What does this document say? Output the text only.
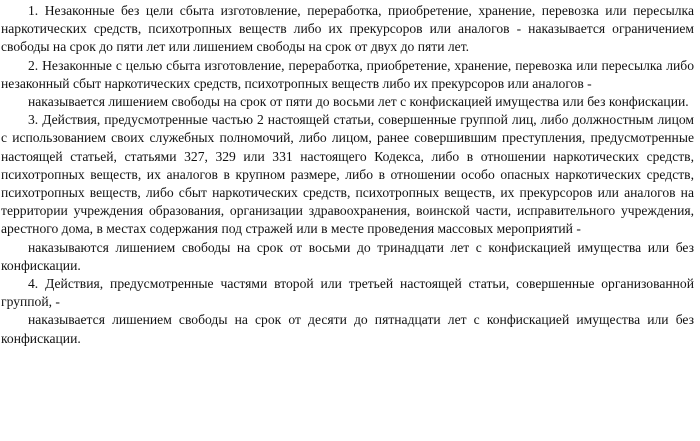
1. Незаконные без цели сбыта изготовление, переработка, приобретение, хранение, перевозка или пересылка наркотических средств, психотропных веществ либо их прекурсоров или аналогов - наказывается ограничением свободы на срок до пяти лет или лишением свободы на срок от двух до пяти лет.

2. Незаконные с целью сбыта изготовление, переработка, приобретение, хранение, перевозка или пересылка либо незаконный сбыт наркотических средств, психотропных веществ либо их прекурсоров или аналогов -

наказывается лишением свободы на срок от пяти до восьми лет с конфискацией имущества или без конфискации.

3. Действия, предусмотренные частью 2 настоящей статьи, совершенные группой лиц, либо должностным лицом с использованием своих служебных полномочий, либо лицом, ранее совершившим преступления, предусмотренные настоящей статьей, статьями 327, 329 или 331 настоящего Кодекса, либо в отношении наркотических средств, психотропных веществ, их аналогов в крупном размере, либо в отношении особо опасных наркотических средств, психотропных веществ, либо сбыт наркотических средств, психотропных веществ, их прекурсоров или аналогов на территории учреждения образования, организации здравоохранения, воинской части, исправительного учреждения, арестного дома, в местах содержания под стражей или в месте проведения массовых мероприятий -

наказываются лишением свободы на срок от восьми до тринадцати лет с конфискацией имущества или без конфискации.

4. Действия, предусмотренные частями второй или третьей настоящей статьи, совершенные организованной группой, -

наказывается лишением свободы на срок от десяти до пятнадцати лет с конфискацией имущества или без конфискации.
